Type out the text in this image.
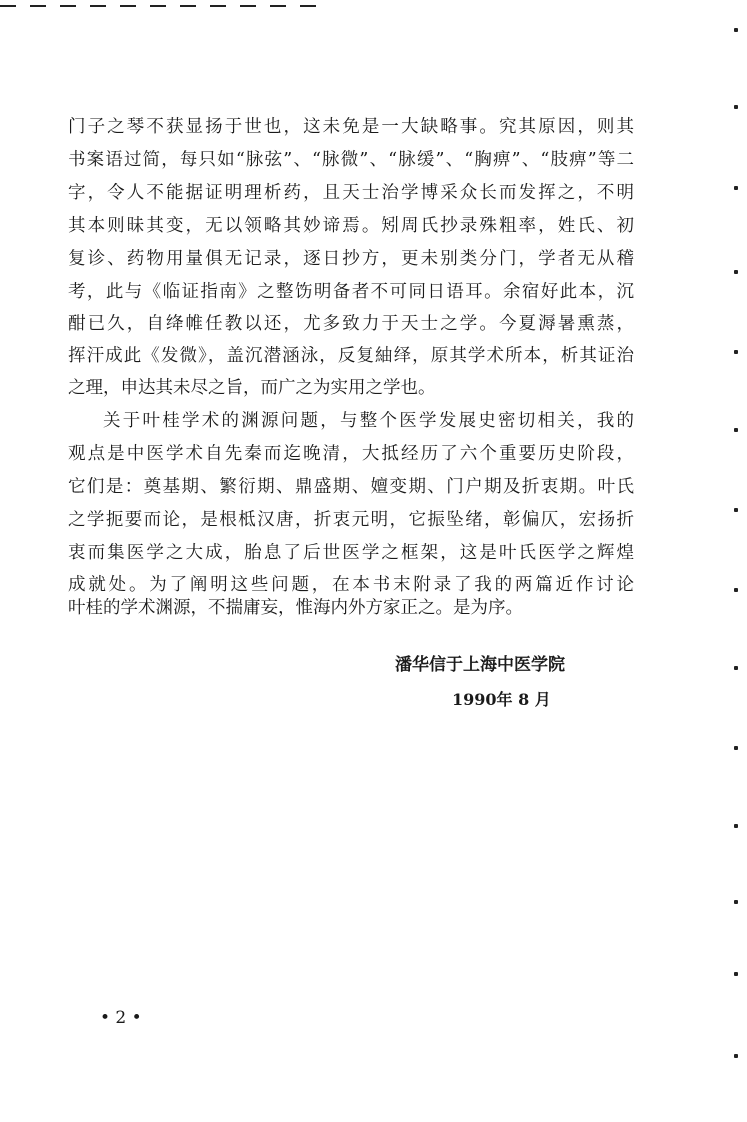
门子之琴不获显扬于世也，这未免是一大缺略事。究其原因，则其
书案语过简，每只如“脉弦”、“脉微”、“脉缓”、“胸痹”、“肢痹”等二
字，令人不能据证明理析药，且天士治学博采众长而发挥之，不明
其本则昧其变，无以领略其妙谛焉。矧周氏抄录殊粗率，姓氏、初
复诊、药物用量俱无记录，逐日抄方，更未别类分门，学者无从稽
考，此与《临证指南》之整饬明备者不可同日语耳。余宿好此本，沉
酣已久，自绛帷任教以还，尤多致力于天士之学。今夏溽暑熏蒸，
挥汗成此《发微》，盖沉潜涵泳，反复紬绎，原其学术所本，析其证治
之理，申达其未尽之旨，而广之为实用之学也。
关于叶桂学术的渊源问题，与整个医学发展史密切相关，我的
观点是中医学术自先秦而迄晚清，大抵经历了六个重要历史阶段，
它们是：奠基期、繁衍期、鼎盛期、嬗变期、门户期及折衷期。叶氏
之学扼要而论，是根柢汉唐，折衷元明，它振坠绪，彰偏仄，宏扬折
衷而集医学之大成，胎息了后世医学之框架，这是叶氏医学之辉煌
成就处。为了阐明这些问题，在本书末附录了我的两篇近作讨论
叶桂的学术渊源，不揣庸妄，惟海内外方家正之。是为序。
潘华信于上海中医学院
1990年 8 月
• 2 •
